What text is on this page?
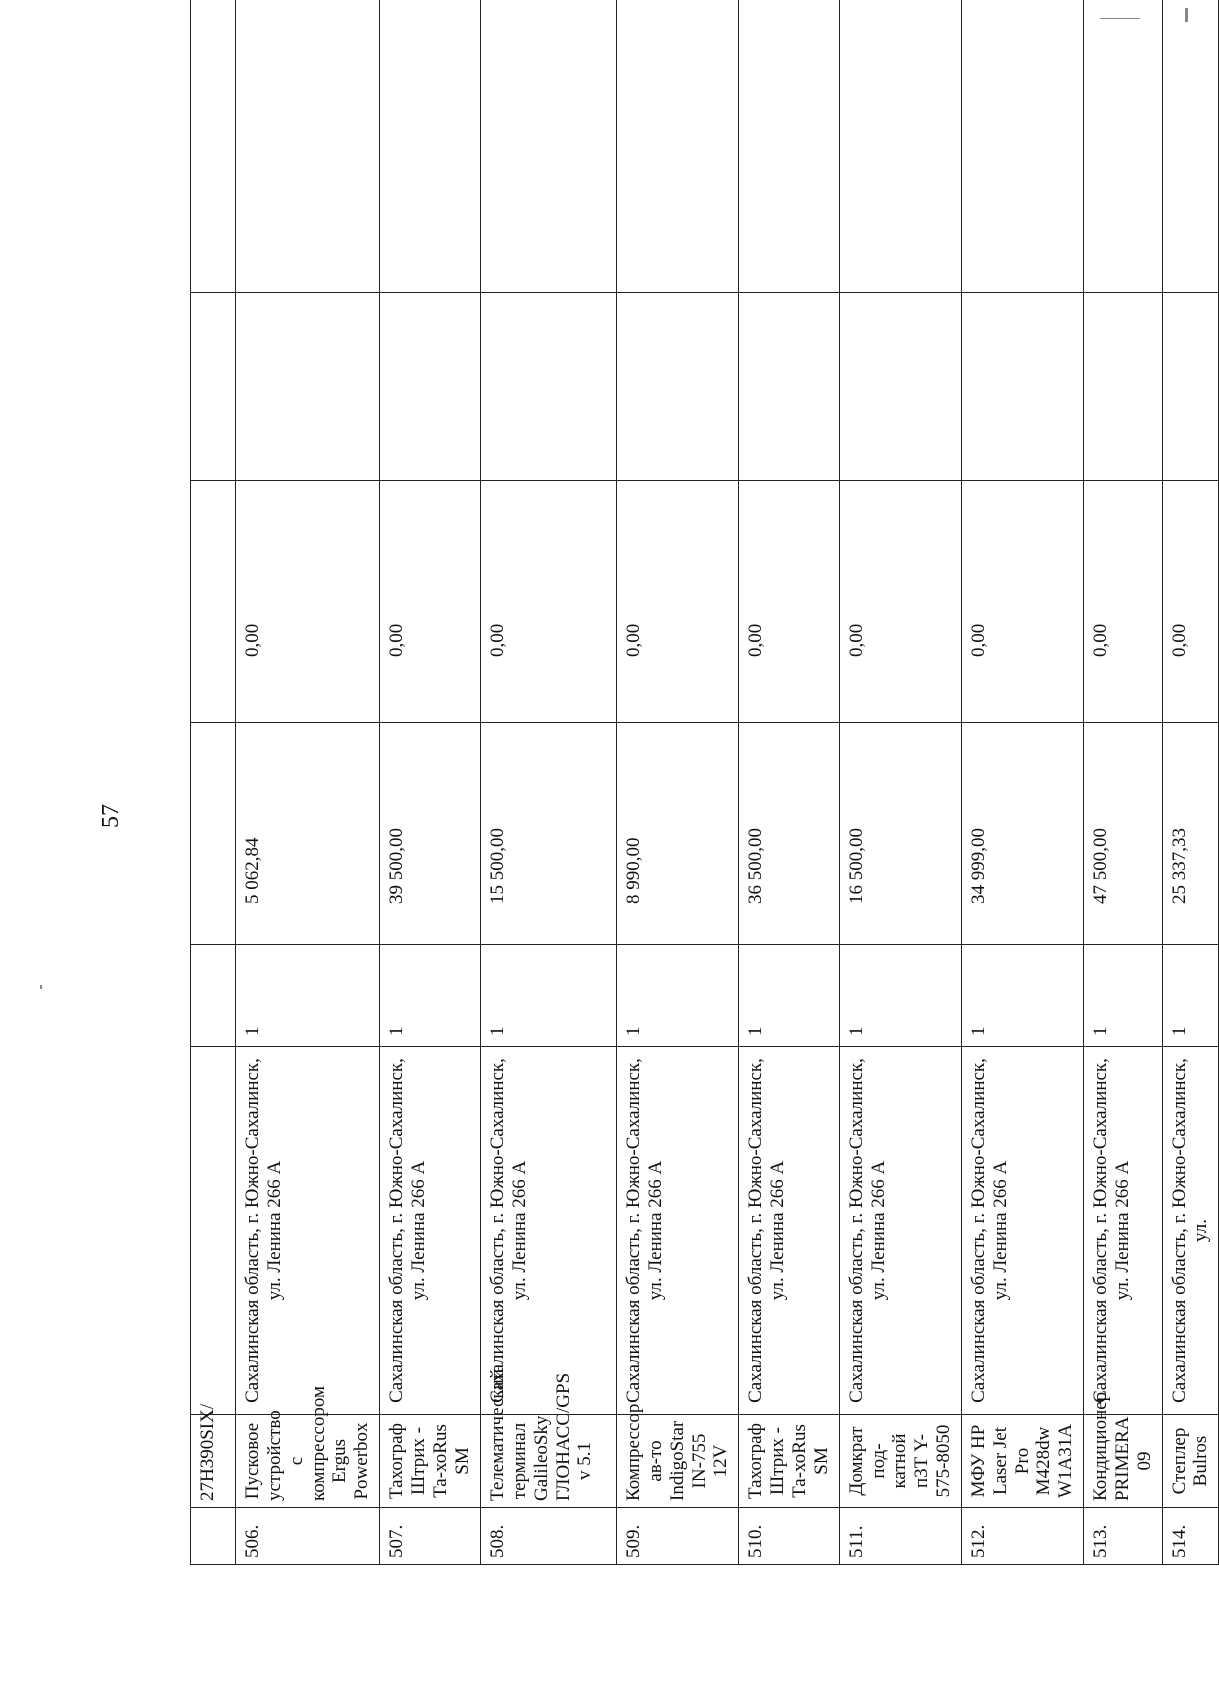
57
	27H390SIX/						
506.	Пусковое устройство с компрессором Ergus Powerbox	Сахалинская область, г. Южно-Сахалинск, ул. Ленина 266 А	1	5 062,84	0,00		
507.	Тахограф Штрих - Та-хоRus SM	Сахалинская область, г. Южно-Сахалинск, ул. Ленина 266 А	1	39 500,00	0,00		
508.	Телематический терминал GalileoSky ГЛОНАСС/GPS v 5.1	Сахалинская область, г. Южно-Сахалинск, ул. Ленина 266 А	1	15 500,00	0,00		
509.	Компрессор ав-то IndigoStar IN-755 12V	Сахалинская область, г. Южно-Сахалинск, ул. Ленина 266 А	1	8 990,00	0,00		
510.	Тахограф Штрих - Та-хоRus SM	Сахалинская область, г. Южно-Сахалинск, ул. Ленина 266 А	1	36 500,00	0,00		
511.	Домкрат под-катной п3Т Y-575-8050	Сахалинская область, г. Южно-Сахалинск, ул. Ленина 266 А	1	16 500,00	0,00		
512.	МФУ HP Laser Jet Pro M428dw W1A31A	Сахалинская область, г. Южно-Сахалинск, ул. Ленина 266 А	1	34 999,00	0,00		
513.	Кондиционер PRIMERA 09	Сахалинская область, г. Южно-Сахалинск, ул. Ленина 266 А	1	47 500,00	0,00		
514.	Степлер Bulros	Сахалинская область, г. Южно-Сахалинск, ул.	1	25 337,33	0,00		
